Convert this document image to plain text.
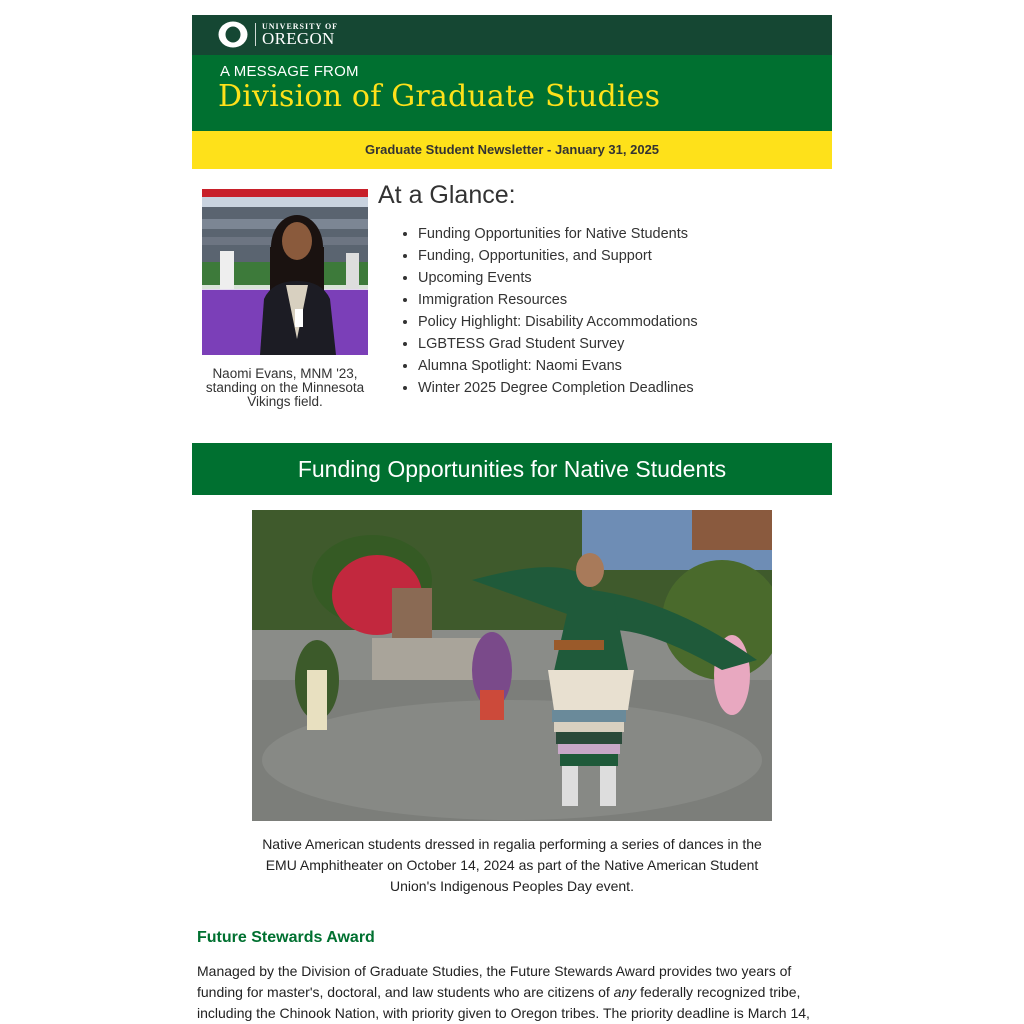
UNIVERSITY OF
OREGON
A MESSAGE FROM
Division of Graduate Studies
Graduate Student Newsletter - January 31, 2025
Naomi Evans, MNM '23, standing on the Minnesota Vikings field.
At a Glance:
• Funding Opportunities for Native Students
• Funding, Opportunities, and Support
• Upcoming Events
• Immigration Resources
• Policy Highlight: Disability Accommodations
• LGBTESS Grad Student Survey
• Alumna Spotlight: Naomi Evans
• Winter 2025 Degree Completion Deadlines
Funding Opportunities for Native Students
Native American students dressed in regalia performing a series of dances in the EMU Amphitheater on October 14, 2024 as part of the Native American Student Union's Indigenous Peoples Day event.
Future Stewards Award
Managed by the Division of Graduate Studies, the Future Stewards Award provides two years of funding for master's, doctoral, and law students who are citizens of any federally recognized tribe, including the Chinook Nation, with priority given to Oregon tribes. The priority deadline is March 14,
